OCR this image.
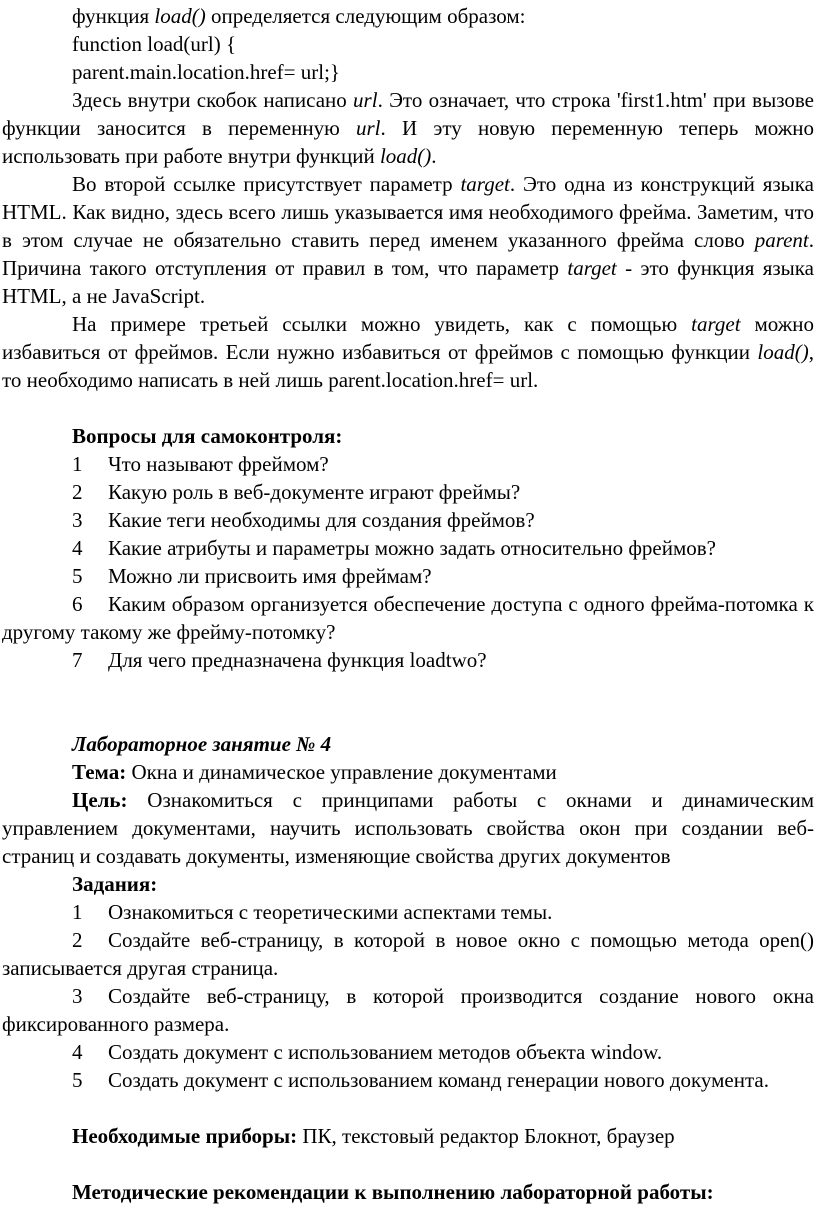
функция load() определяется следующим образом:

function load(url) {
parent.main.location.href= url;}

Здесь внутри скобок написано url. Это означает, что строка 'first1.htm' при вызове функции заносится в переменную url. И эту новую переменную теперь можно использовать при работе внутри функций load().

Во второй ссылке присутствует параметр target. Это одна из конструкций языка HTML. Как видно, здесь всего лишь указывается имя необходимого фрейма. Заметим, что в этом случае не обязательно ставить перед именем указанного фрейма слово parent. Причина такого отступления от правил в том, что параметр target - это функция языка HTML, а не JavaScript.

На примере третьей ссылки можно увидеть, как с помощью target можно избавиться от фреймов. Если нужно избавиться от фреймов с помощью функции load(), то необходимо написать в ней лишь parent.location.href= url.

Вопросы для самоконтроля:

1 Что называют фреймом?

2 Какую роль в веб-документе играют фреймы?

3 Какие теги необходимы для создания фреймов?

4 Какие атрибуты и параметры можно задать относительно фреймов?

5 Можно ли присвоить имя фреймам?

6 Каким образом организуется обеспечение доступа с одного фрейма-потомка к другому такому же фрейму-потомку?

7 Для чего предназначена функция loadtwo?

Лабораторное занятие № 4

Тема: Окна и динамическое управление документами

Цель: Ознакомиться с принципами работы с окнами и динамическим управлением документами, научить использовать свойства окон при создании веб-страниц и создавать документы, изменяющие свойства других документов

Задания:

1 Ознакомиться с теоретическими аспектами темы.

2 Создайте веб-страницу, в которой в новое окно с помощью метода open() записывается другая страница.

3 Создайте веб-страницу, в которой производится создание нового окна фиксированного размера.

4 Создать документ с использованием методов объекта window.

5 Создать документ с использованием команд генерации нового документа.

Необходимые приборы: ПК, текстовый редактор Блокнот, браузер

Методические рекомендации к выполнению лабораторной работы:
